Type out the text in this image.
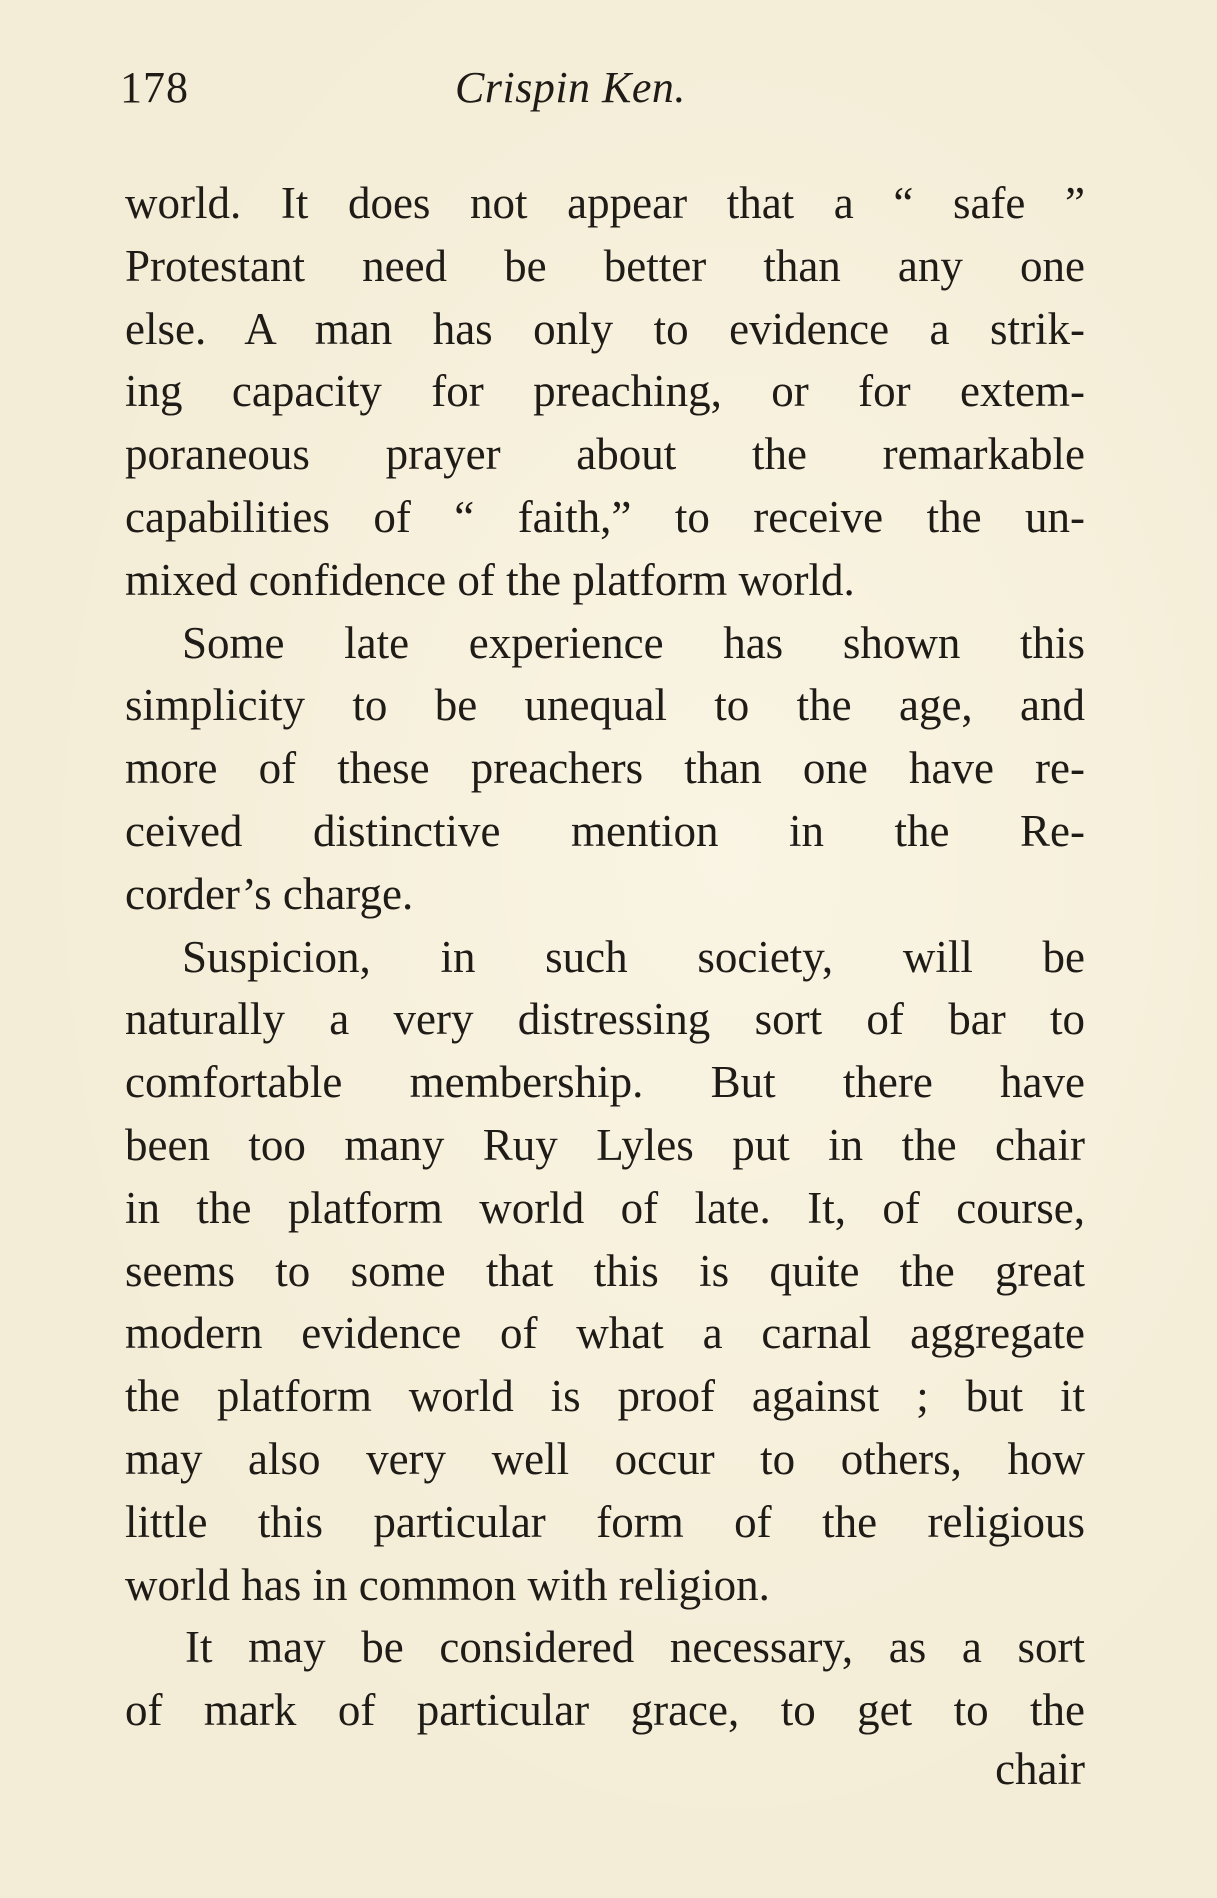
178	Crispin Ken.
world. It does not appear that a “ safe ”
Protestant need be better than any one
else. A man has only to evidence a strik-
ing capacity for preaching, or for extem-
poraneous prayer about the remarkable
capabilities of “ faith,” to receive the un-
mixed confidence of the platform world.
Some late experience has shown this
simplicity to be unequal to the age, and
more of these preachers than one have re-
ceived distinctive mention in the Re-
corder’s charge.
Suspicion, in such society, will be
naturally a very distressing sort of bar to
comfortable membership. But there have
been too many Ruy Lyles put in the chair
in the platform world of late. It, of course,
seems to some that this is quite the great
modern evidence of what a carnal aggregate
the platform world is proof against ; but it
may also very well occur to others, how
little this particular form of the religious
world has in common with religion.
It may be considered necessary, as a sort
of mark of particular grace, to get to the
chair
